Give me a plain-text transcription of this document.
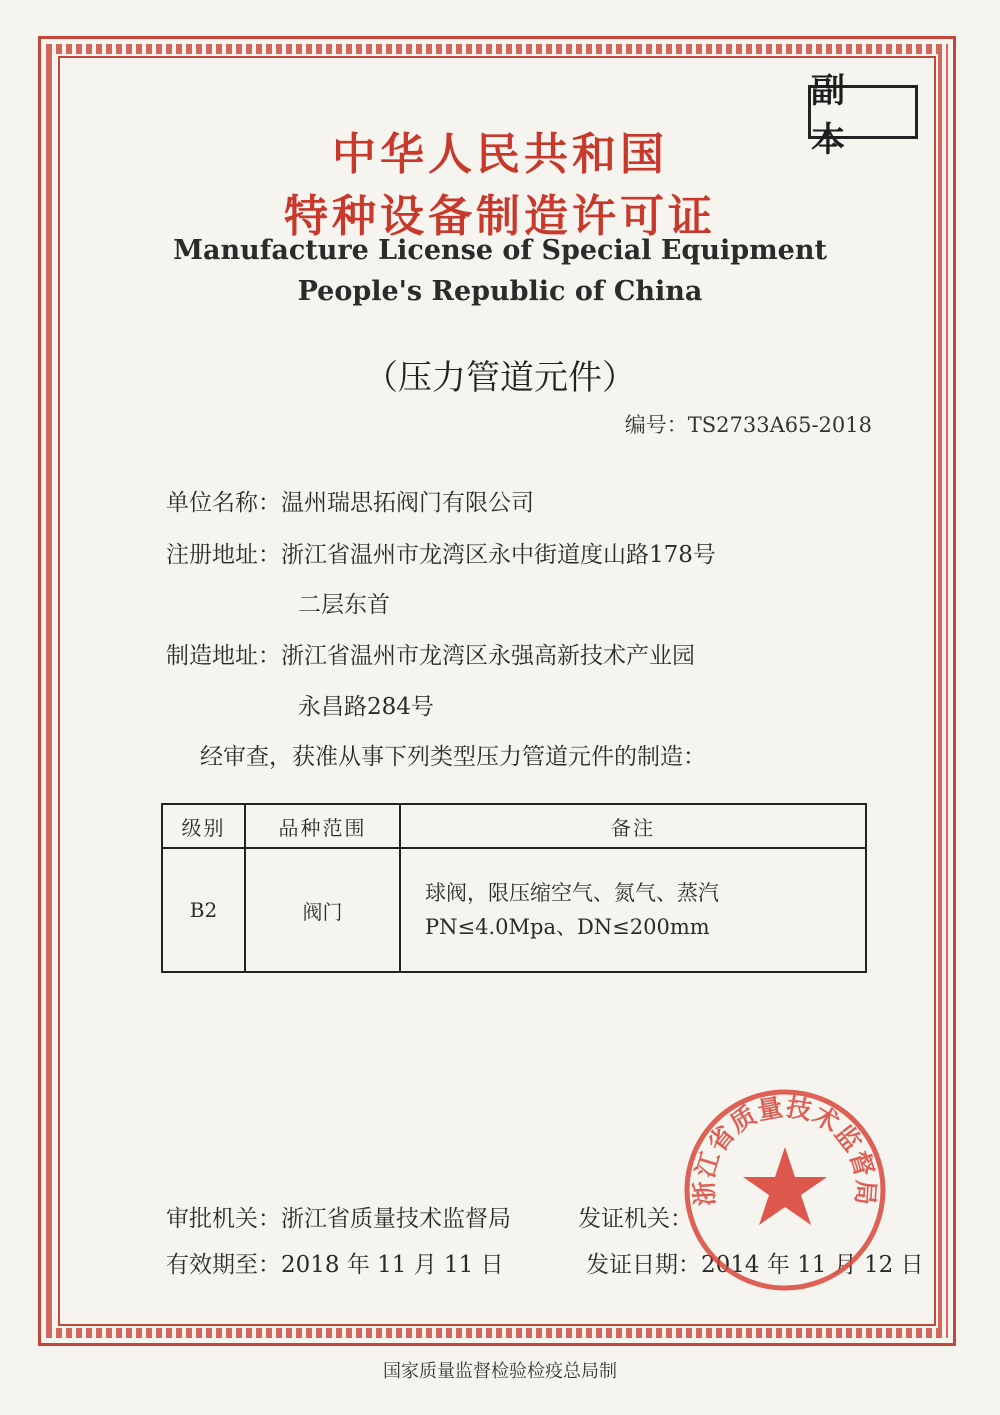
副 本
中华人民共和国
特种设备制造许可证
Manufacture License of Special Equipment
People's Republic of China
（压力管道元件）
编号：TS2733A65-2018
单位名称：温州瑞思拓阀门有限公司
注册地址：浙江省温州市龙湾区永中街道度山路178号
二层东首
制造地址：浙江省温州市龙湾区永强高新技术产业园
永昌路284号
经审查，获准从事下列类型压力管道元件的制造：
级别	品种范围	备注
B2	阀门	球阀，限压缩空气、氮气、蒸汽
PN≤4.0Mpa、DN≤200mm
审批机关：浙江省质量技术监督局	发证机关：
有效期至：2018 年 11 月 11 日	发证日期：2014 年 11 月 12 日
浙江省质量技术监督局
国家质量监督检验检疫总局制
